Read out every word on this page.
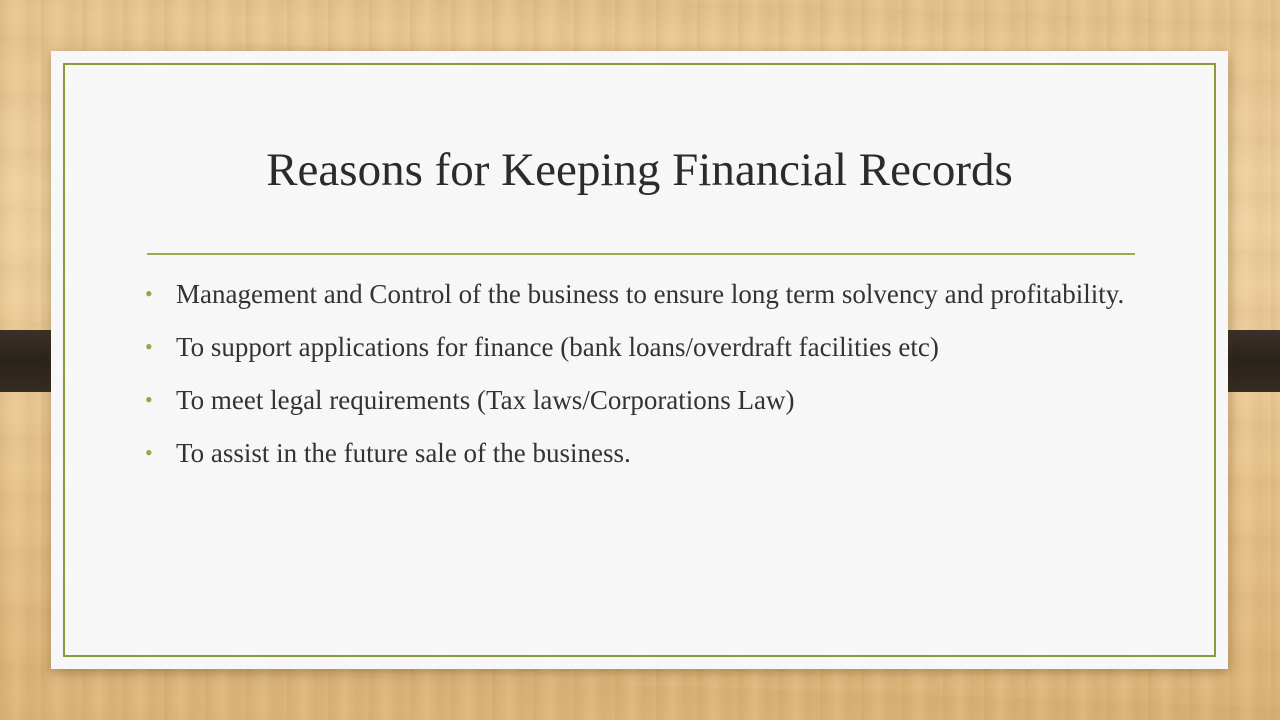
Reasons for Keeping Financial Records
• Management and Control of the business to ensure long term solvency and profitability.
• To support applications for finance (bank loans/overdraft facilities etc)
• To meet legal requirements (Tax laws/Corporations Law)
• To assist in the future sale of the business.
